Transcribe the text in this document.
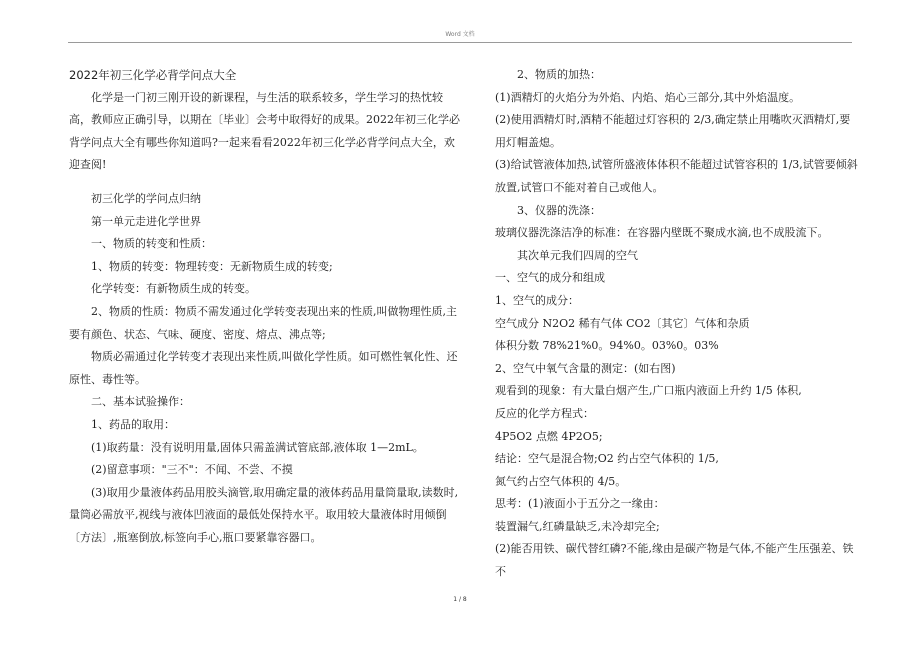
Word 文档

2022年初三化学必背学问点大全

化学是一门初三刚开设的新课程，与生活的联系较多，学生学习的热忱较高，教师应正确引导，以期在〔毕业〕会考中取得好的成果。2022年初三化学必背学问点大全有哪些你知道吗?一起来看看2022年初三化学必背学问点大全，欢迎查阅!

初三化学的学问点归纳

第一单元走进化学世界

一、物质的转变和性质：

1、物质的转变：物理转变：无新物质生成的转变;

化学转变：有新物质生成的转变。

2、物质的性质：物质不需发通过化学转变表现出来的性质,叫做物理性质,主要有颜色、状态、气味、硬度、密度、熔点、沸点等;

物质必需通过化学转变才表现出来性质,叫做化学性质。如可燃性氧化性、还原性、毒性等。

二、基本试验操作：

1、药品的取用：

(1)取药量：没有说明用量,固体只需盖满试管底部,液体取 1—2mL。

(2)留意事项："三不"：不闻、不尝、不摸

(3)取用少量液体药品用胶头滴管,取用确定量的液体药品用量筒量取,读数时,量筒必需放平,视线与液体凹液面的最低处保持水平。取用较大量液体时用倾倒〔方法〕,瓶塞倒放,标签向手心,瓶口要紧靠容器口。

2、物质的加热：

(1)酒精灯的火焰分为外焰、内焰、焰心三部分,其中外焰温度。

(2)使用酒精灯时,酒精不能超过灯容积的 2/3,确定禁止用嘴吹灭酒精灯,要用灯帽盖熄。

(3)给试管液体加热,试管所盛液体体积不能超过试管容积的 1/3,试管要倾斜放置,试管口不能对着自己或他人。

3、仪器的洗涤：

玻璃仪器洗涤洁净的标准：在容器内壁既不聚成水滴,也不成股流下。

其次单元我们四周的空气

一、空气的成分和组成

1、空气的成分：

空气成分 N2O2 稀有气体 CO2〔其它〕气体和杂质

体积分数 78%21%0。94%0。03%0。03%

2、空气中氧气含量的测定：(如右图)

观看到的现象：有大量白烟产生,广口瓶内液面上升约 1/5 体积,

反应的化学方程式：

4P5O2 点燃 4P2O5;

结论：空气是混合物;O2 约占空气体积的 1/5,

氮气约占空气体积的 4/5。

思考：(1)液面小于五分之一缘由：

装置漏气,红磷量缺乏,未冷却完全;

(2)能否用铁、碳代替红磷?不能,缘由是碳产物是气体,不能产生压强差、铁不

1 / 8
